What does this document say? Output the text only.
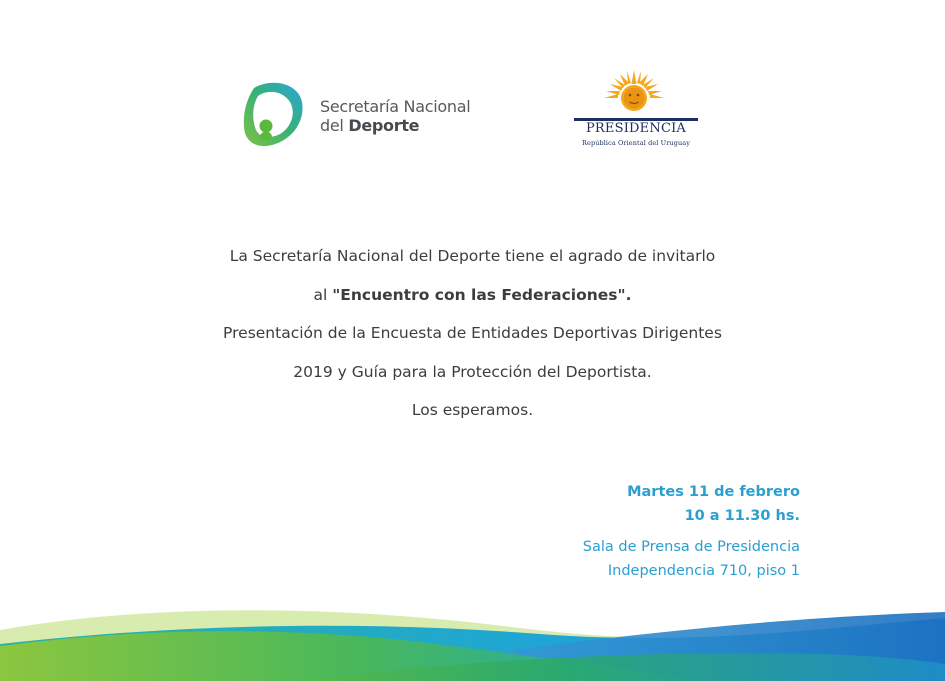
Secretaría Nacional
del Deporte	PRESIDENCIA
República Oriental del Uruguay
La Secretaría Nacional del Deporte tiene el agrado de invitarlo
al "Encuentro con las Federaciones".
Presentación de la Encuesta de Entidades Deportivas Dirigentes
2019 y Guía para la Protección del Deportista.
Los esperamos.
Martes 11 de febrero
10 a 11.30 hs.
Sala de Prensa de Presidencia
Independencia 710, piso 1
